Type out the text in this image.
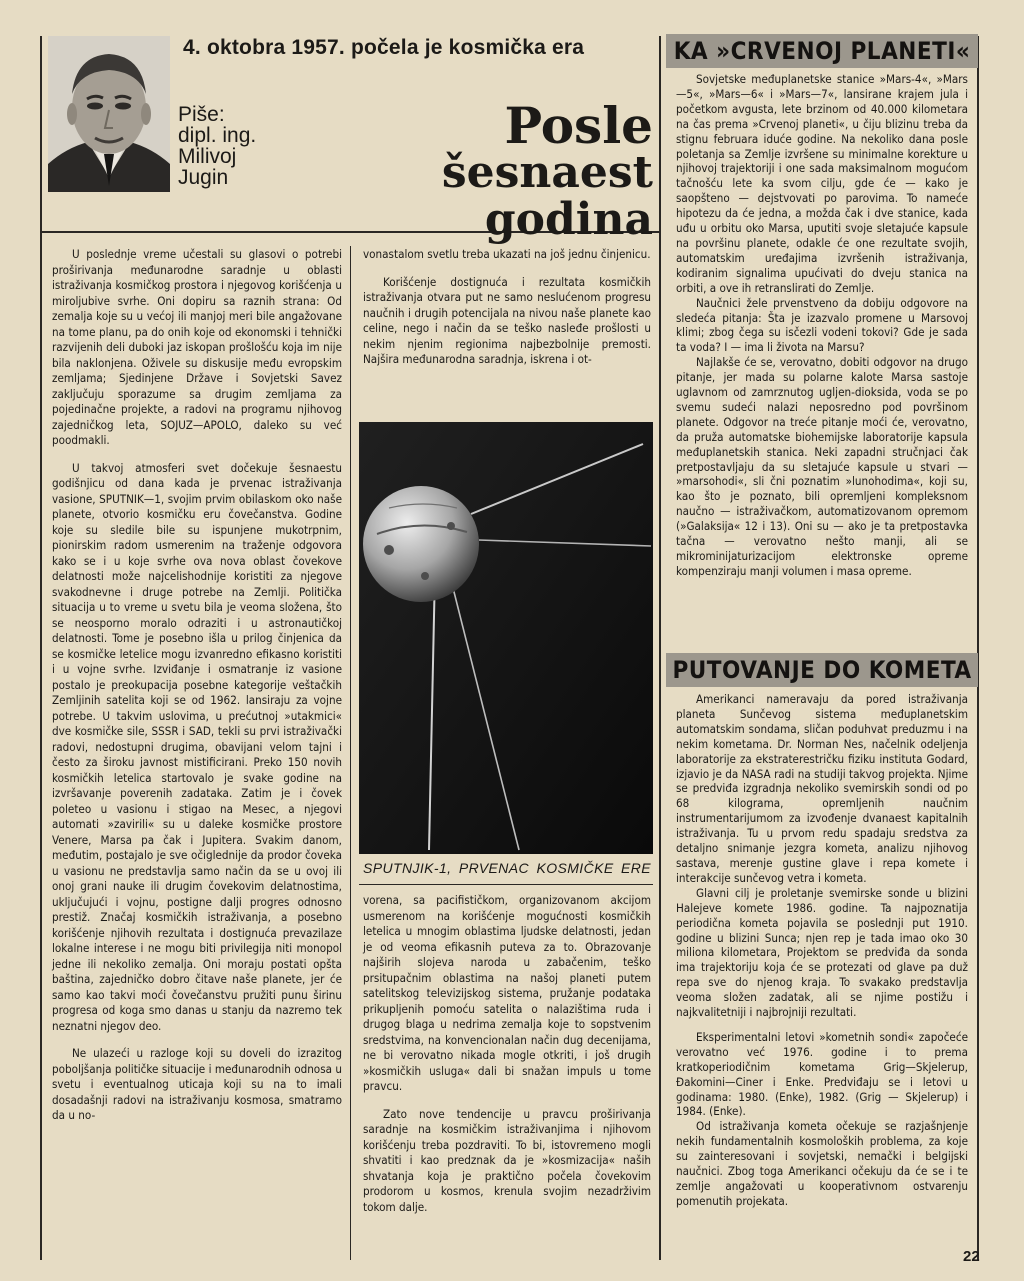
4. oktobra 1957. počela je kosmička era
Piše:
dipl. ing.
Milivoj
Jugin
Posle
šesnaest godina

U poslednje vreme učestali su glasovi o potrebi proširivanja međunarodne saradnje u oblasti istraživanja kosmičkog prostora i njegovog korišćenja u miroljubive svrhe. Oni dopiru sa raznih strana: Od zemalja koje su u većoj ili manjoj meri bile angažovane na tome planu, pa do onih koje od ekonomski i tehnički razvijenih deli duboki jaz iskopan prošlošću koja im nije bila naklonjena. Oživele su diskusije među evropskim zemljama; Sjedinjene Države i Sovjetski Savez zaključuju sporazume sa drugim zemljama za pojedinačne projekte, a radovi na programu njihovog zajedničkog leta, SOJUZ—APOLO, daleko su već poodmakli.

U takvoj atmosferi svet dočekuje šesnaestu godišnjicu od dana kada je prvenac istraživanja vasione, SPUTNIK—1, svojim prvim obilaskom oko naše planete, otvorio kosmičku eru čovečanstva. Godine koje su sledile bile su ispunjene mukotrpnim, pionirskim radom usmerenim na traženje odgovora kako se i u koje svrhe ova nova oblast čovekove delatnosti može najcelishodnije koristiti za njegove svakodnevne i druge potrebe na Zemlji. Politička situacija u to vreme u svetu bila je veoma složena, što se neosporno moralo odraziti i u astronautičkoj delatnosti. Tome je posebno išla u prilog činjenica da se kosmičke letelice mogu izvanredno efikasno koristiti i u vojne svrhe. Izviđanje i osmatranje iz vasione postalo je preokupacija posebne kategorije veštačkih Zemljinih satelita koji se od 1962. lansiraju za vojne potrebe. U takvim uslovima, u prećutnoj »utakmici« dve kosmičke sile, SSSR i SAD, tekli su prvi istraživački radovi, nedostupni drugima, obavijani velom tajni i često za široku javnost mistificirani. Preko 150 novih kosmičkih letelica startovalo je svake godine na izvršavanje poverenih zadataka. Zatim je i čovek poleteo u vasionu i stigao na Mesec, a njegovi automati »zavirili« su u daleke kosmičke prostore Venere, Marsa pa čak i Jupitera. Svakim danom, međutim, postajalo je sve očiglednije da prodor čoveka u vasionu ne predstavlja samo način da se u ovoj ili onoj grani nauke ili drugim čovekovim delatnostima, uključujući i vojnu, postigne dalji progres odnosno prestiž. Značaj kosmičkih istraživanja, a posebno korišćenje njihovih rezultata i dostignuća prevazilaze lokalne interese i ne mogu biti privilegija niti monopol jedne ili nekoliko zemalja. Oni moraju postati opšta baština, zajedničko dobro čitave naše planete, jer će samo kao takvi moći čovečanstvu pružiti punu širinu progresa od koga smo danas u stanju da nazremo tek neznatni njegov deo.

Ne ulazeći u razloge koji su doveli do izrazitog poboljšanja političke situacije i međunarodnih odnosa u svetu i eventualnog uticaja koji su na to imali dosadašnji radovi na istraživanju kosmosa, smatramo da u no-

vonastalom svetlu treba ukazati na još jednu činjenicu.

Korišćenje dostignuća i rezultata kosmičkih istraživanja otvara put ne samo neslućenom progresu naučnih i drugih potencijala na nivou naše planete kao celine, nego i način da se teško nasleđe prošlosti u nekim njenim regionima najbezbolnije premosti. Najšira međunarodna saradnja, iskrena i ot-

SPUTNJIK-1, PRVENAC KOSMIČKE ERE

vorena, sa pacifističkom, organizovanom akcijom usmerenom na korišćenje mogućnosti kosmičkih letelica u mnogim oblastima ljudske delatnosti, jedan je od veoma efikasnih puteva za to. Obrazovanje najširih slojeva naroda u zabačenim, teško prsitupačnim oblastima na našoj planeti putem satelitskog televizijskog sistema, pružanje podataka prikupljenih pomoću satelita o nalazištima ruda i drugog blaga u nedrima zemalja koje to sopstvenim sredstvima, na konvencionalan način dug decenijama, ne bi verovatno nikada mogle otkriti, i još drugih »kosmičkih usluga« dali bi snažan impuls u tome pravcu.

Zato nove tendencije u pravcu proširivanja saradnje na kosmičkim istraživanjima i njihovom korišćenju treba pozdraviti. To bi, istovremeno mogli shvatiti i kao predznak da je »kosmizacija« naših shvatanja koja je praktično počela čovekovim prodorom u kosmos, krenula svojim nezadrživim tokom dalje.

KA »CRVENOJ PLANETI«

Sovjetske međuplanetske stanice »Mars-4«, »Mars—5«, »Mars—6« i »Mars—7«, lansirane krajem jula i početkom avgusta, lete brzinom od 40.000 kilometara na čas prema »Crvenoj planeti«, u čiju blizinu treba da stignu februara iduće godine. Na nekoliko dana posle poletanja sa Zemlje izvršene su minimalne korekture u njihovoj trajektoriji i one sada maksimalnom mogućom tačnošću lete ka svom cilju, gde će — kako je saopšteno — dejstvovati po parovima. To nameće hipotezu da će jedna, a možda čak i dve stanice, kada uđu u orbitu oko Marsa, uputiti svoje sletajuće kapsule na površinu planete, odakle će one rezultate svojih, automatskim uređajima izvršenih istraživanja, kodiranim signalima upućivati do dveju stanica na orbiti, a ove ih retranslirati do Zemlje.

Naučnici žele prvenstveno da dobiju odgovore na sledeća pitanja: Šta je izazvalo promene u Marsovoj klimi; zbog čega su isčezli vodeni tokovi? Gde je sada ta voda? I — ima li života na Marsu?

Najlakše će se, verovatno, dobiti odgovor na drugo pitanje, jer mada su polarne kalote Marsa sastoje uglavnom od zamrznutog ugljen-dioksida, voda se po svemu sudeći nalazi neposredno pod površinom planete. Odgovor na treće pitanje moći će, verovatno, da pruža automatske biohemijske laboratorije kapsula međuplanetskih stanica. Neki zapadni stručnjaci čak pretpostavljaju da su sletajuće kapsule u stvari — »marsohodi«, sli čni poznatim »lunohodima«, koji su, kao što je poznato, bili opremljeni kompleksnom naučno — istraživačkom, automatizovanom opremom (»Galaksija« 12 i 13). Oni su — ako je ta pretpostavka tačna — verovatno nešto manji, ali se mikrominijaturizacijom elektronske opreme kompenziraju manji volumen i masa opreme.

PUTOVANJE DO KOMETA

Amerikanci nameravaju da pored istraživanja planeta Sunčevog sistema međuplanetskim automatskim sondama, sličan poduhvat preduzmu i na nekim kometama. Dr. Norman Nes, načelnik odeljenja laboratorije za ekstraterestričku fiziku instituta Godard, izjavio je da NASA radi na studiji takvog projekta. Njime se predviđa izgradnja nekoliko svemirskih sondi od po 68 kilograma, opremljenih naučnim instrumentarijumom za izvođenje dvanaest kapitalnih istraživanja. Tu u prvom redu spadaju sredstva za detaljno snimanje jezgra kometa, analizu njihovog sastava, merenje gustine glave i repa komete i interakcije sunčevog vetra i kometa.

Glavni cilj je proletanje svemirske sonde u blizini Halejeve komete 1986. godine. Ta najpoznatija periodična kometa pojavila se poslednji put 1910. godine u blizini Sunca; njen rep je tada imao oko 30 miliona kilometara, Projektom se predviđa da sonda ima trajektoriju koja će se protezati od glave pa duž repa sve do njenog kraja. To svakako predstavlja veoma složen zadatak, ali se njime postižu i najkvalitetniji i najbrojniji rezultati.

Eksperimentalni letovi »kometnih sondi« započeće verovatno već 1976. godine i to prema kratkoperiodičnim kometama Grig—Skjelerup, Đakomini—Ciner i Enke. Predviđaju se i letovi u godinama: 1980. (Enke), 1982. (Grig — Skjelerup) i 1984. (Enke).

Od istraživanja kometa očekuje se razjašnjenje nekih fundamentalnih kosmoloških problema, za koje su zainteresovani i sovjetski, nemački i belgijski naučnici. Zbog toga Amerikanci očekuju da će se i te zemlje angažovati u kooperativnom ostvarenju pomenutih projekata.

22
